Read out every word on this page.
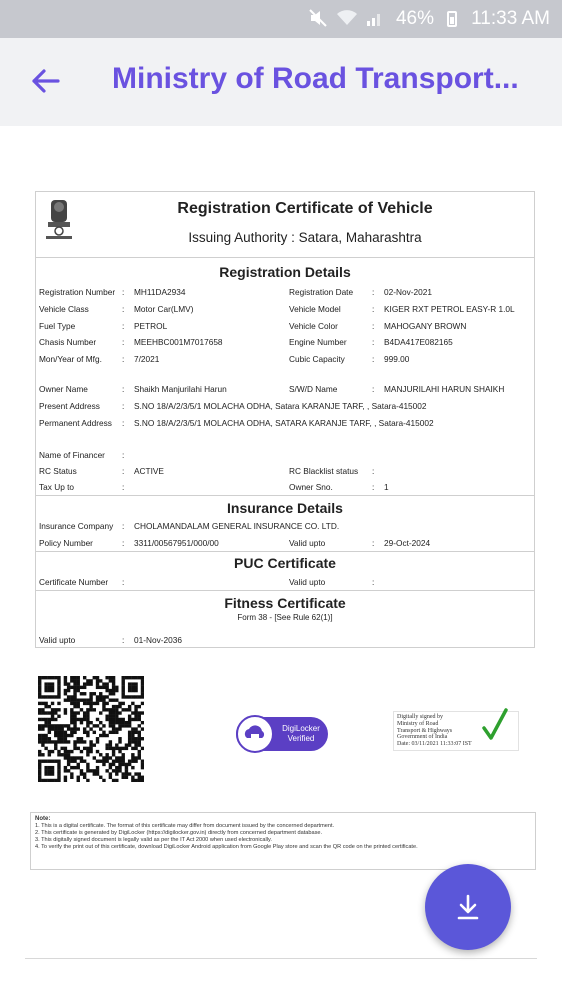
46% 11:33 AM
Ministry of Road Transport...
Registration Certificate of Vehicle
Issuing Authority : Satara, Maharashtra
Registration Details
Registration Number : MH11DA2934	Registration Date : 02-Nov-2021
Vehicle Class	: Motor Car(LMV)	Vehicle Model	: KIGER RXT PETROL EASY-R 1.0L
Fuel Type	: PETROL	Vehicle Color	: MAHOGANY BROWN
Chasis Number	: MEEHBC001M7017658	Engine Number	: B4DA417E082165
Mon/Year of Mfg. : 7/2021	Cubic Capacity	: 999.00
Owner Name	: Shaikh Manjurilahi Harun	S/W/D Name	: MANJURILAHI HARUN SHAIKH
Present Address	: S.NO 18/A/2/3/5/1 MOLACHA ODHA, Satara KARANJE TARF, , Satara-415002
Permanent Address : S.NO 18/A/2/3/5/1 MOLACHA ODHA, SATARA KARANJE TARF, , Satara-415002
Name of Financer :
RC Status	: ACTIVE	RC Blacklist status :
Tax Up to	:	Owner Sno.	: 1
Insurance Details
Insurance Company : CHOLAMANDALAM GENERAL INSURANCE CO. LTD.
Policy Number	: 3311/00567951/000/00	Valid upto	: 29-Oct-2024
PUC Certificate
Certificate Number :	Valid upto	:
Fitness Certificate
Form 38 - [See Rule 62(1)]
Valid upto	: 01-Nov-2036
DigiLocker
Verified
Digitally signed by
Ministry of Road
Transport & Highways
Government of India
Date: 03/11/2021 11:33:07 IST
Note:
1. This is a digital certificate. The format of this certificate may differ from document issued by the concerned department.
2. This certificate is generated by DigiLocker (https://digilocker.gov.in) directly from concerned department database.
3. This digitally signed document is legally valid as per the IT Act 2000 when used electronically.
4. To verify the print out of this certificate, download DigiLocker Android application from Google Play store and scan the QR code on the printed certificate.
